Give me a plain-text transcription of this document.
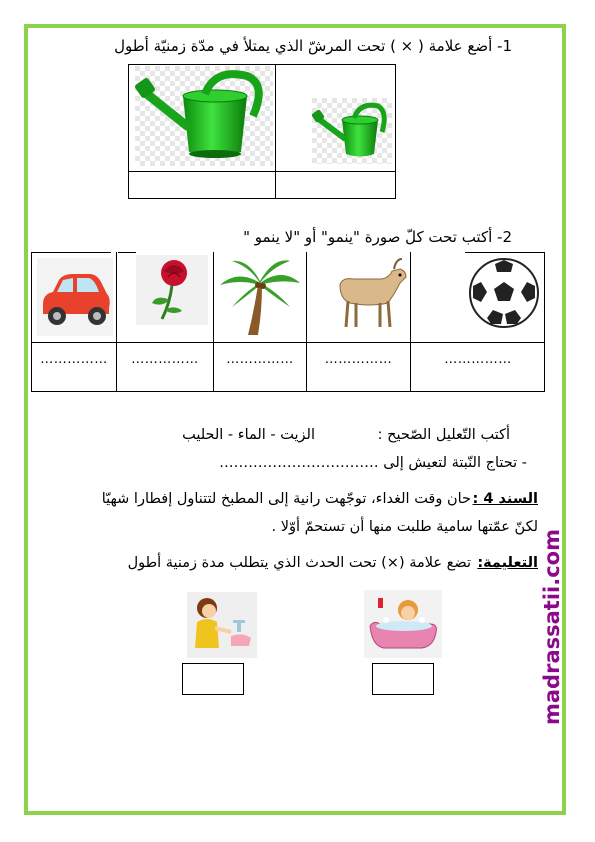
1- أضع علامة ( × ) تحت المرشّ الذي يمتلأ في مدّة زمنيّة أطول
2- أكتب تحت كلّ صورة "ينمو" أو "لا ينمو "
……………	……………	……………	……………	……………
أكتب التّعليل الصّحيح :
الزيت - الماء - الحليب
- تحتاج النّبتة لتعيش إلى ……………………………
السند 4 :
حان وقت الغداء، توجّهت رانية إلى المطبخ لتتناول إفطارا شهيّا
لكنّ عمّتها سامية طلبت منها أن تستحمّ أوّلا .
التعليمة:
تضع علامة (×) تحت الحدث الذي يتطلب مدة زمنية أطول	madrassatii.com
